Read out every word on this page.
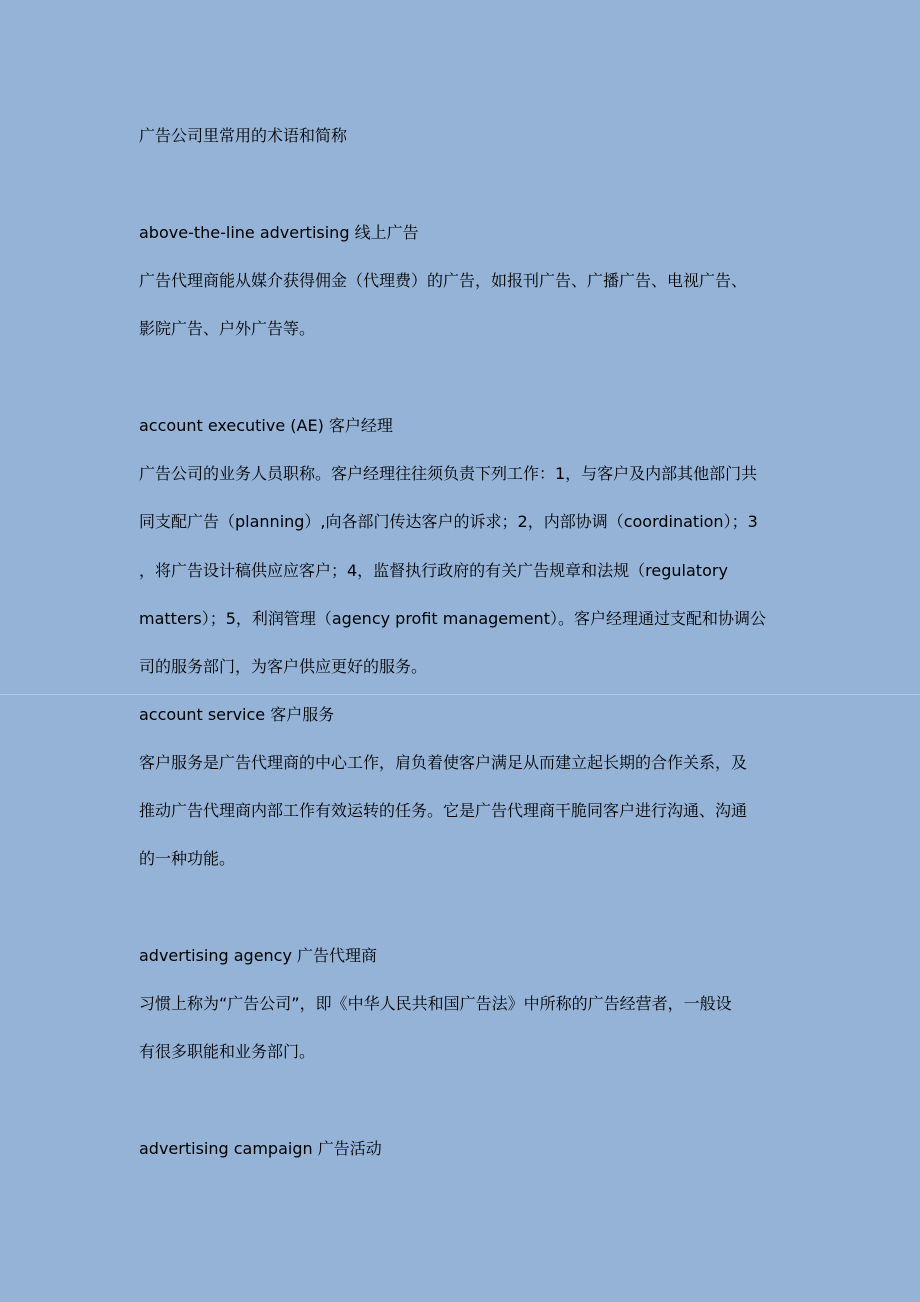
广告公司里常用的术语和简称
above-the-line advertising 线上广告
广告代理商能从媒介获得佣金（代理费）的广告，如报刊广告、广播广告、电视广告、
影院广告、户外广告等。
account executive (AE) 客户经理
广告公司的业务人员职称。客户经理往往须负责下列工作：1，与客户及内部其他部门共
同支配广告（planning）,向各部门传达客户的诉求；2，内部协调（coordination）；3
，将广告设计稿供应应客户；4，监督执行政府的有关广告规章和法规（regulatory
matters）；5，利润管理（agency profit management）。客户经理通过支配和协调公
司的服务部门，为客户供应更好的服务。
account service 客户服务
客户服务是广告代理商的中心工作，肩负着使客户满足从而建立起长期的合作关系，及
推动广告代理商内部工作有效运转的任务。它是广告代理商干脆同客户进行沟通、沟通
的一种功能。
advertising agency 广告代理商
习惯上称为“广告公司”，即《中华人民共和国广告法》中所称的广告经营者，一般设
有很多职能和业务部门。
advertising campaign 广告活动
